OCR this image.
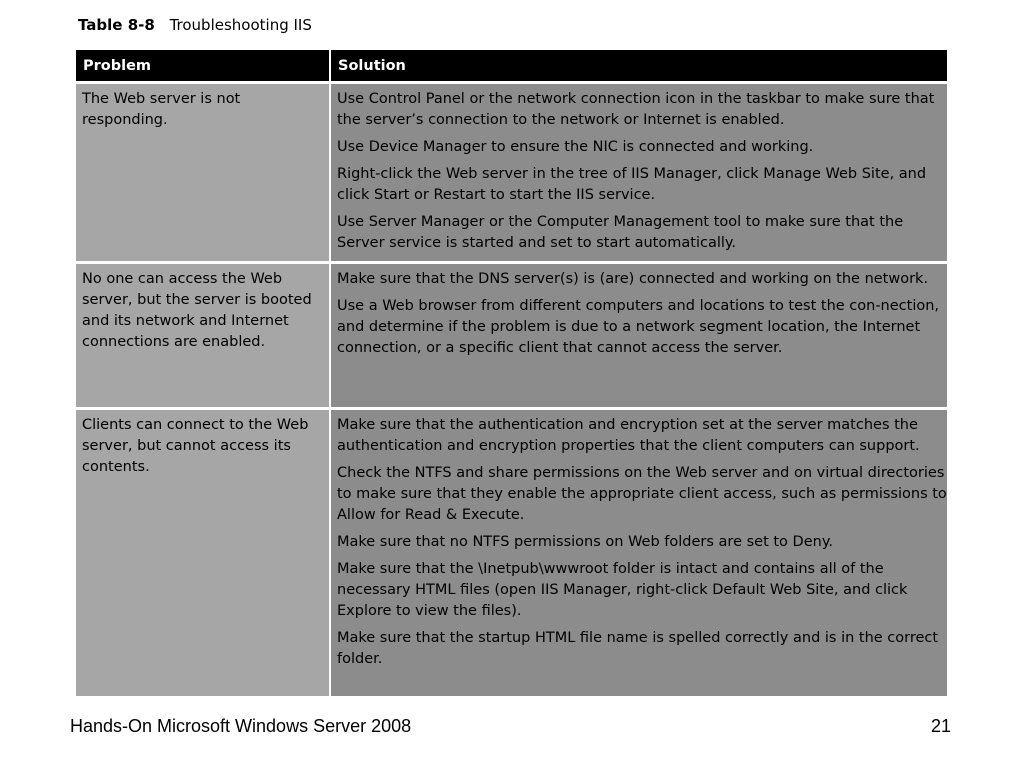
Table 8-8 Troubleshooting IIS
Problem	Solution
The Web server is not responding.

Use Control Panel or the network connection icon in the taskbar to make sure that the server’s connection to the network or Internet is enabled.

Use Device Manager to ensure the NIC is connected and working.

Right-click the Web server in the tree of IIS Manager, click Manage Web Site, and click Start or Restart to start the IIS service.

Use Server Manager or the Computer Management tool to make sure that the Server service is started and set to start automatically.

No one can access the Web server, but the server is booted and its network and Internet connections are enabled.

Make sure that the DNS server(s) is (are) connected and working on the network.

Use a Web browser from different computers and locations to test the con-nection, and determine if the problem is due to a network segment location, the Internet connection, or a specific client that cannot access the server.

Clients can connect to the Web server, but cannot access its contents.

Make sure that the authentication and encryption set at the server matches the authentication and encryption properties that the client computers can support.

Check the NTFS and share permissions on the Web server and on virtual directories to make sure that they enable the appropriate client access, such as permissions to Allow for Read & Execute.

Make sure that no NTFS permissions on Web folders are set to Deny.

Make sure that the \Inetpub\wwwroot folder is intact and contains all of the necessary HTML files (open IIS Manager, right-click Default Web Site, and click Explore to view the files).

Make sure that the startup HTML file name is spelled correctly and is in the correct folder.

Hands-On Microsoft Windows Server 2008	21
